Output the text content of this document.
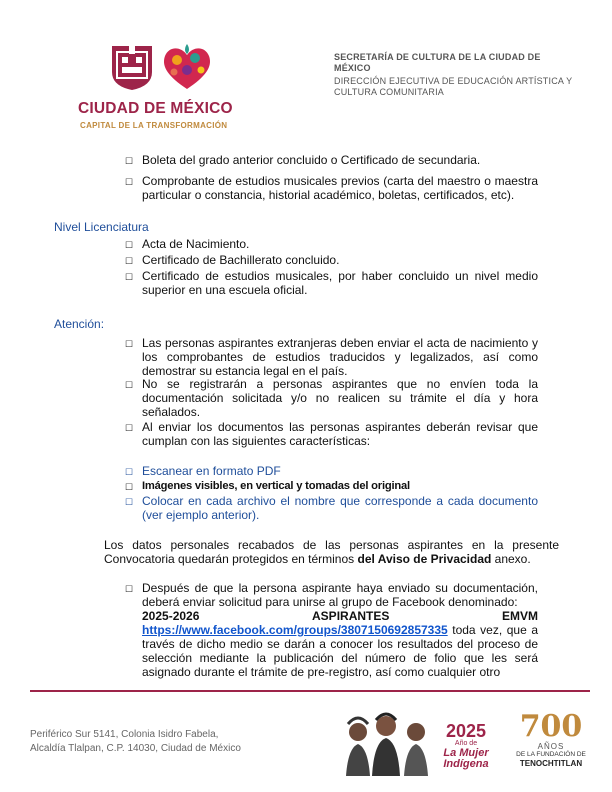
CIUDAD DE MÉXICO
CAPITAL DE LA TRANSFORMACIÓN
SECRETARÍA DE CULTURA DE LA CIUDAD DE
MÉXICO
DIRECCIÓN EJECUTIVA DE EDUCACIÓN ARTÍSTICA Y
CULTURA COMUNITARIA
☐ Boleta del grado anterior concluido o Certificado de secundaria.
☐ Comprobante de estudios musicales previos (carta del maestro o maestra particular o constancia, historial académico, boletas, certificados, etc).
Nivel Licenciatura
☐ Acta de Nacimiento.
☐ Certificado de Bachillerato concluido.
☐ Certificado de estudios musicales, por haber concluido un nivel medio superior en una escuela oficial.
Atención:
☐ Las personas aspirantes extranjeras deben enviar el acta de nacimiento y los comprobantes de estudios traducidos y legalizados, así como demostrar su estancia legal en el país.
☐ No se registrarán a personas aspirantes que no envíen toda la documentación solicitada y/o no realicen su trámite el día y hora señalados.
☐ Al enviar los documentos las personas aspirantes deberán revisar que cumplan con las siguientes características:
☐ Escanear en formato PDF
☐ Imágenes visibles, en vertical y tomadas del original
☐ Colocar en cada archivo el nombre que corresponde a cada documento (ver ejemplo anterior).
Los datos personales recabados de las personas aspirantes en la presente Convocatoria quedarán protegidos en términos del Aviso de Privacidad anexo.
☐ Después de que la persona aspirante haya enviado su documentación, deberá enviar solicitud para unirse al grupo de Facebook denominado:
2025-2026	ASPIRANTES	EMVM
https://www.facebook.com/groups/3807150692857335 toda vez, que a través de dicho medio se darán a conocer los resultados del proceso de selección mediante la publicación del número de folio que les será asignado durante el trámite de pre-registro, así como cualquier otro
Periférico Sur 5141, Colonia Isidro Fabela,
Alcaldía Tlalpan, C.P. 14030, Ciudad de México
2025
Año de
La Mujer
Indígena
700
AÑOS
DE LA FUNDACIÓN DE
TENOCHTITLAN
